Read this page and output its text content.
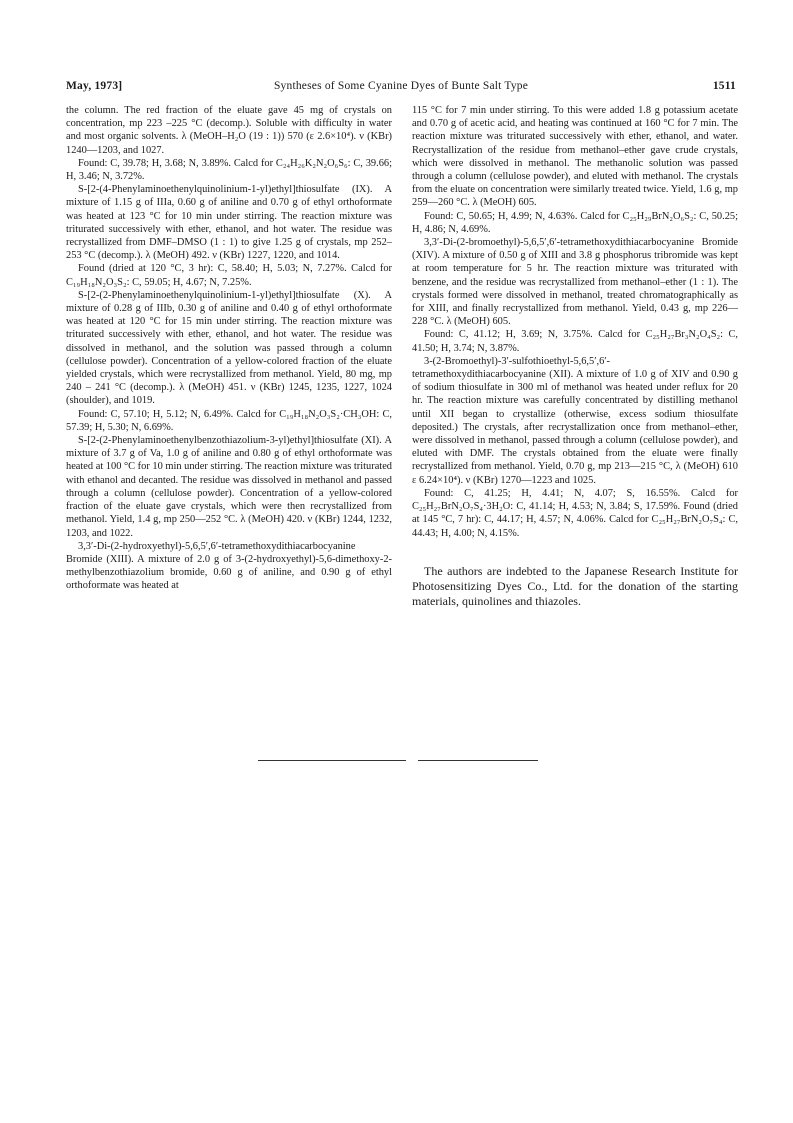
May, 1973]	Syntheses of Some Cyanine Dyes of Bunte Salt Type	1511

the column. The red fraction of the eluate gave 45 mg of crystals on concentration, mp 223 –225 °C (decomp.). Soluble with difficulty in water and most organic solvents. λ (MeOH–H₂O (19 : 1)) 570 (ε 2.6×10⁴). ν (KBr) 1240—1203, and 1027.

Found: C, 39.78; H, 3.68; N, 3.89%. Calcd for C₂₄H₂₆K₂N₂O₆S₆: C, 39.66; H, 3.46; N, 3.72%.

S-[2-(4-Phenylaminoethenylquinolinium-1-yl)ethyl]thiosulfate (IX). A mixture of 1.15 g of IIIa, 0.60 g of aniline and 0.70 g of ethyl orthoformate was heated at 123 °C for 10 min under stirring. The reaction mixture was triturated successively with ether, ethanol, and hot water. The residue was recrystallized from DMF–DMSO (1 : 1) to give 1.25 g of crystals, mp 252– 253 °C (decomp.). λ (MeOH) 492. ν (KBr) 1227, 1220, and 1014.

Found (dried at 120 °C, 3 hr): C, 58.40; H, 5.03; N, 7.27%. Calcd for C₁₉H₁₈N₂O₃S₂: C, 59.05; H, 4.67; N, 7.25%.

S-[2-(2-Phenylaminoethenylquinolinium-1-yl)ethyl]thiosulfate (X). A mixture of 0.28 g of IIIb, 0.30 g of aniline and 0.40 g of ethyl orthoformate was heated at 120 °C for 15 min under stirring. The reaction mixture was triturated successively with ether, ethanol, and hot water. The residue was dissolved in methanol, and the solution was passed through a column (cellulose powder). Concentration of a yellow-colored fraction of the eluate yielded crystals, which were recrystallized from methanol. Yield, 80 mg, mp 240 – 241 °C (decomp.). λ (MeOH) 451. ν (KBr) 1245, 1235, 1227, 1024 (shoulder), and 1019.

Found: C, 57.10; H, 5.12; N, 6.49%. Calcd for C₁₉H₁₈N₂O₃S₂·CH₃OH: C, 57.39; H, 5.30; N, 6.69%.

S-[2-(2-Phenylaminoethenylbenzothiazolium-3-yl)ethyl]thiosulfate (XI). A mixture of 3.7 g of Va, 1.0 g of aniline and 0.80 g of ethyl orthoformate was heated at 100 °C for 10 min under stirring. The reaction mixture was triturated with ethanol and decanted. The residue was dissolved in methanol and passed through a column (cellulose powder). Concentration of a yellow-colored fraction of the eluate gave crystals, which were then recrystallized from methanol. Yield, 1.4 g, mp 250—252 °C. λ (MeOH) 420. ν (KBr) 1244, 1232, 1203, and 1022.

3,3′-Di-(2-hydroxyethyl)-5,6,5′,6′-tetramethoxydithiacarbocyanine Bromide (XIII). A mixture of 2.0 g of 3-(2-hydroxyethyl)-5,6-dimethoxy-2-methylbenzothiazolium bromide, 0.60 g of aniline, and 0.90 g of ethyl orthoformate was heated at

115 °C for 7 min under stirring. To this were added 1.8 g potassium acetate and 0.70 g of acetic acid, and heating was continued at 160 °C for 7 min. The reaction mixture was triturated successively with ether, ethanol, and water. Recrystallization of the residue from methanol–ether gave crude crystals, which were dissolved in methanol. The methanolic solution was passed through a column (cellulose powder), and eluted with methanol. The crystals from the eluate on concentration were similarly treated twice. Yield, 1.6 g, mp 259—260 °C. λ (MeOH) 605.

Found: C, 50.65; H, 4.99; N, 4.63%. Calcd for C₂₅H₂₉BrN₂O₆S₂: C, 50.25; H, 4.86; N, 4.69%.

3,3′-Di-(2-bromoethyl)-5,6,5′,6′-tetramethoxydithiacarbocyanine Bromide (XIV). A mixture of 0.50 g of XIII and 3.8 g phosphorus tribromide was kept at room temperature for 5 hr. The reaction mixture was triturated with benzene, and the residue was recrystallized from methanol–ether (1 : 1). The crystals formed were dissolved in methanol, treated chromatographically as for XIII, and finally recrystallized from methanol. Yield, 0.43 g, mp 226—228 °C. λ (MeOH) 605.

Found: C, 41.12; H, 3.69; N, 3.75%. Calcd for C₂₅H₂₇Br₃N₂O₄S₂: C, 41.50; H, 3.74; N, 3.87%.

3-(2-Bromoethyl)-3′-sulfothioethyl-5,6,5′,6′-tetramethoxydithiacarbocyanine (XII). A mixture of 1.0 g of XIV and 0.90 g of sodium thiosulfate in 300 ml of methanol was heated under reflux for 20 hr. The reaction mixture was carefully concentrated by distilling methanol until XII began to crystallize (otherwise, excess sodium thiosulfate deposited.) The crystals, after recrystallization once from methanol–ether, were dissolved in methanol, passed through a column (cellulose powder), and eluted with DMF. The crystals obtained from the eluate were finally recrystallized from methanol. Yield, 0.70 g, mp 213—215 °C, λ (MeOH) 610 ε 6.24×10⁴). ν (KBr) 1270—1223 and 1025.

Found: C, 41.25; H, 4.41; N, 4.07; S, 16.55%. Calcd for C₂₅H₂₇BrN₂O₇S₄·3H₂O: C, 41.14; H, 4.53; N, 3.84; S, 17.59%. Found (dried at 145 °C, 7 hr): C, 44.17; H, 4.57; N, 4.06%. Calcd for C₂₅H₂₇BrN₂O₇S₄: C, 44.43; H, 4.00; N, 4.15%.

The authors are indebted to the Japanese Research Institute for Photosensitizing Dyes Co., Ltd. for the donation of the starting materials, quinolines and thiazoles.
